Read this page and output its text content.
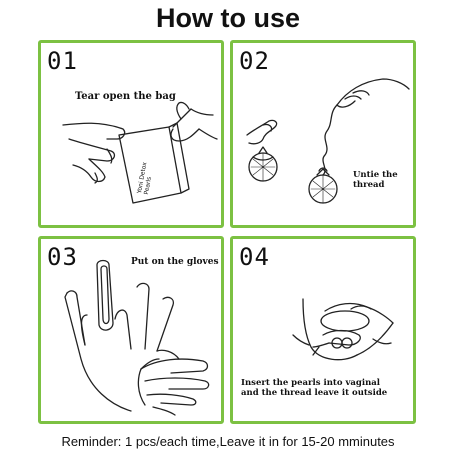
How to use
01
Tear open the bag
Yoni Detox Pearls
02
Untie the
thread
03	Put on the gloves 04
Insert the pearls into vaginal
and the thread leave it outside
Reminder: 1 pcs/each time,Leave it in for 15-20 mminutes
